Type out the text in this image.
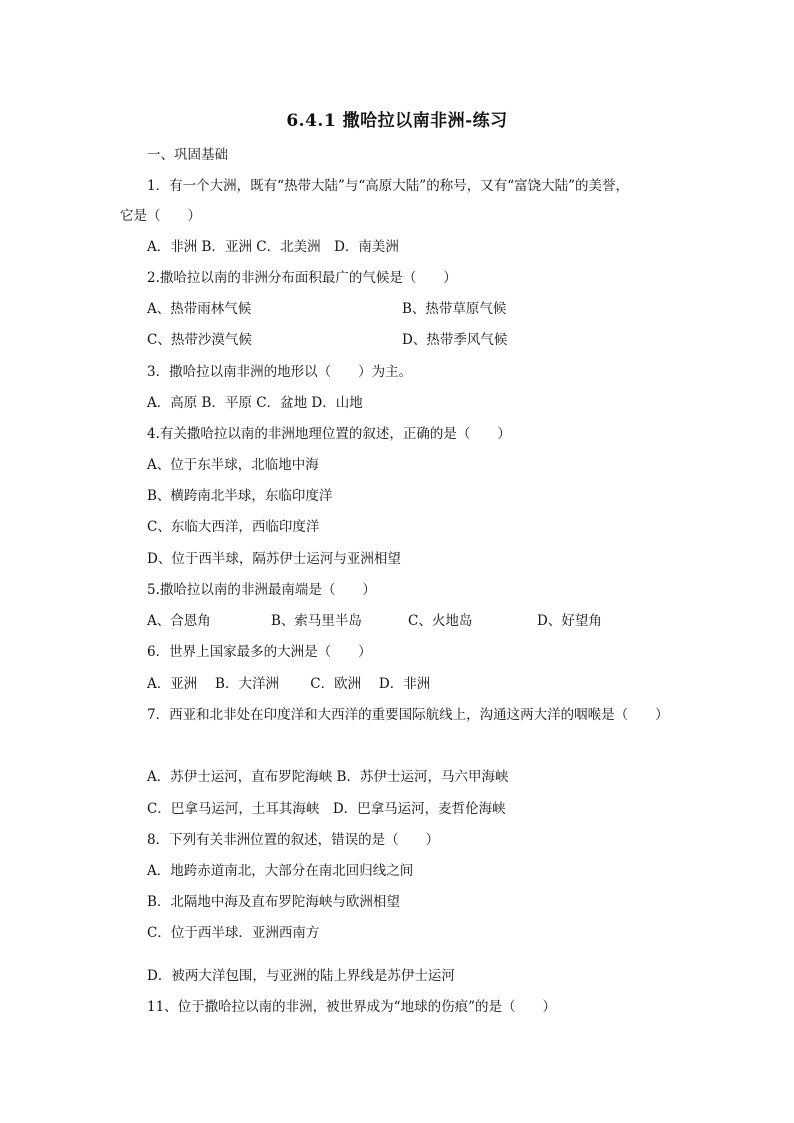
6.4.1 撒哈拉以南非洲-练习
一、巩固基础
1．有一个大洲，既有“热带大陆”与“高原大陆”的称号，又有“富饶大陆”的美誉，
它是（　　）
A．非洲 B．亚洲 C．北美洲　D．南美洲
2.撒哈拉以南的非洲分布面积最广的气候是（　　）
A、热带雨林气候	B、热带草原气候
C、热带沙漠气候	D、热带季风气候
3．撒哈拉以南非洲的地形以（　　）为主。
A．高原 B．平原 C．盆地 D．山地
4.有关撒哈拉以南的非洲地理位置的叙述，正确的是（　　）
A、位于东半球，北临地中海
B、横跨南北半球，东临印度洋
C、东临大西洋，西临印度洋
D、位于西半球，隔苏伊士运河与亚洲相望
5.撒哈拉以南的非洲最南端是（　　）
A、合恩角	B、索马里半岛	C、火地岛	D、好望角
6．世界上国家最多的大洲是（　　）
A．亚洲　 B．大洋洲　　 C．欧洲　 D．非洲
7．西亚和北非处在印度洋和大西洋的重要国际航线上，沟通这两大洋的咽喉是（　　）
A．苏伊士运河，直布罗陀海峡 B．苏伊士运河，马六甲海峡
C．巴拿马运河，土耳其海峡　D．巴拿马运河，麦哲伦海峡
8．下列有关非洲位置的叙述，错误的是（　　）
A．地跨赤道南北，大部分在南北回归线之间
B．北隔地中海及直布罗陀海峡与欧洲相望
C．位于西半球．亚洲西南方
D．被两大洋包围，与亚洲的陆上界线是苏伊士运河
11、位于撒哈拉以南的非洲，被世界成为“地球的伤痕”的是（　　）
